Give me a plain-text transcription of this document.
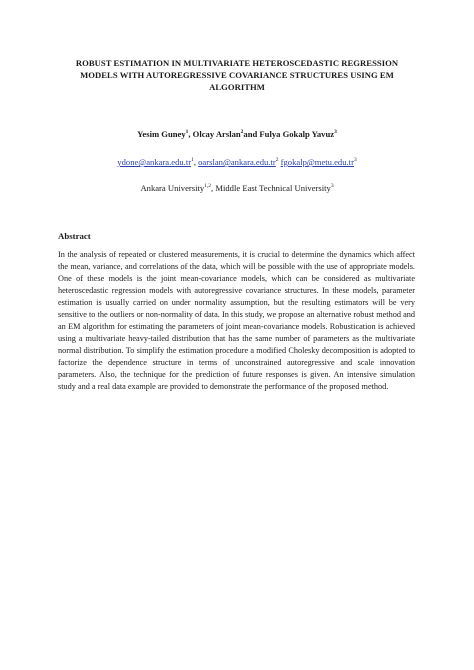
ROBUST ESTIMATION IN MULTIVARIATE HETEROSCEDASTIC REGRESSION
MODELS WITH AUTOREGRESSIVE COVARIANCE STRUCTURES USING EM
ALGORITHM
Yesim Guney$^1$, Olcay Arslan$^2$and Fulya Gokalp Yavuz$^3$
$ydone@ankara.edu.tr^1$, $oarslan@ankara.edu.tr^2$ $fgokalp@metu.edu.tr^3$
Ankara University$^{1,2}$, Middle East Technical University$^3$
Abstract
In the analysis of repeated or clustered measurements, it is crucial to determine the dynamics which affect the mean, variance, and correlations of the data, which will be possible with the use of appropriate models. One of these models is the joint mean-covariance models, which can be considered as multivariate heteroscedastic regression models with autoregressive covariance structures. In these models, parameter estimation is usually carried on under normality assumption, but the resulting estimators will be very sensitive to the outliers or non-normality of data. In this study, we propose an alternative robust method and an EM algorithm for estimating the parameters of joint mean-covariance models. Robustication is achieved using a multivariate heavy-tailed distribution that has the same number of parameters as the multivariate normal distribution. To simplify the estimation procedure a modified Cholesky decomposition is adopted to factorize the dependence structure in terms of unconstrained autoregressive and scale innovation parameters. Also, the technique for the prediction of future responses is given. An intensive simulation study and a real data example are provided to demonstrate the performance of the proposed method.
